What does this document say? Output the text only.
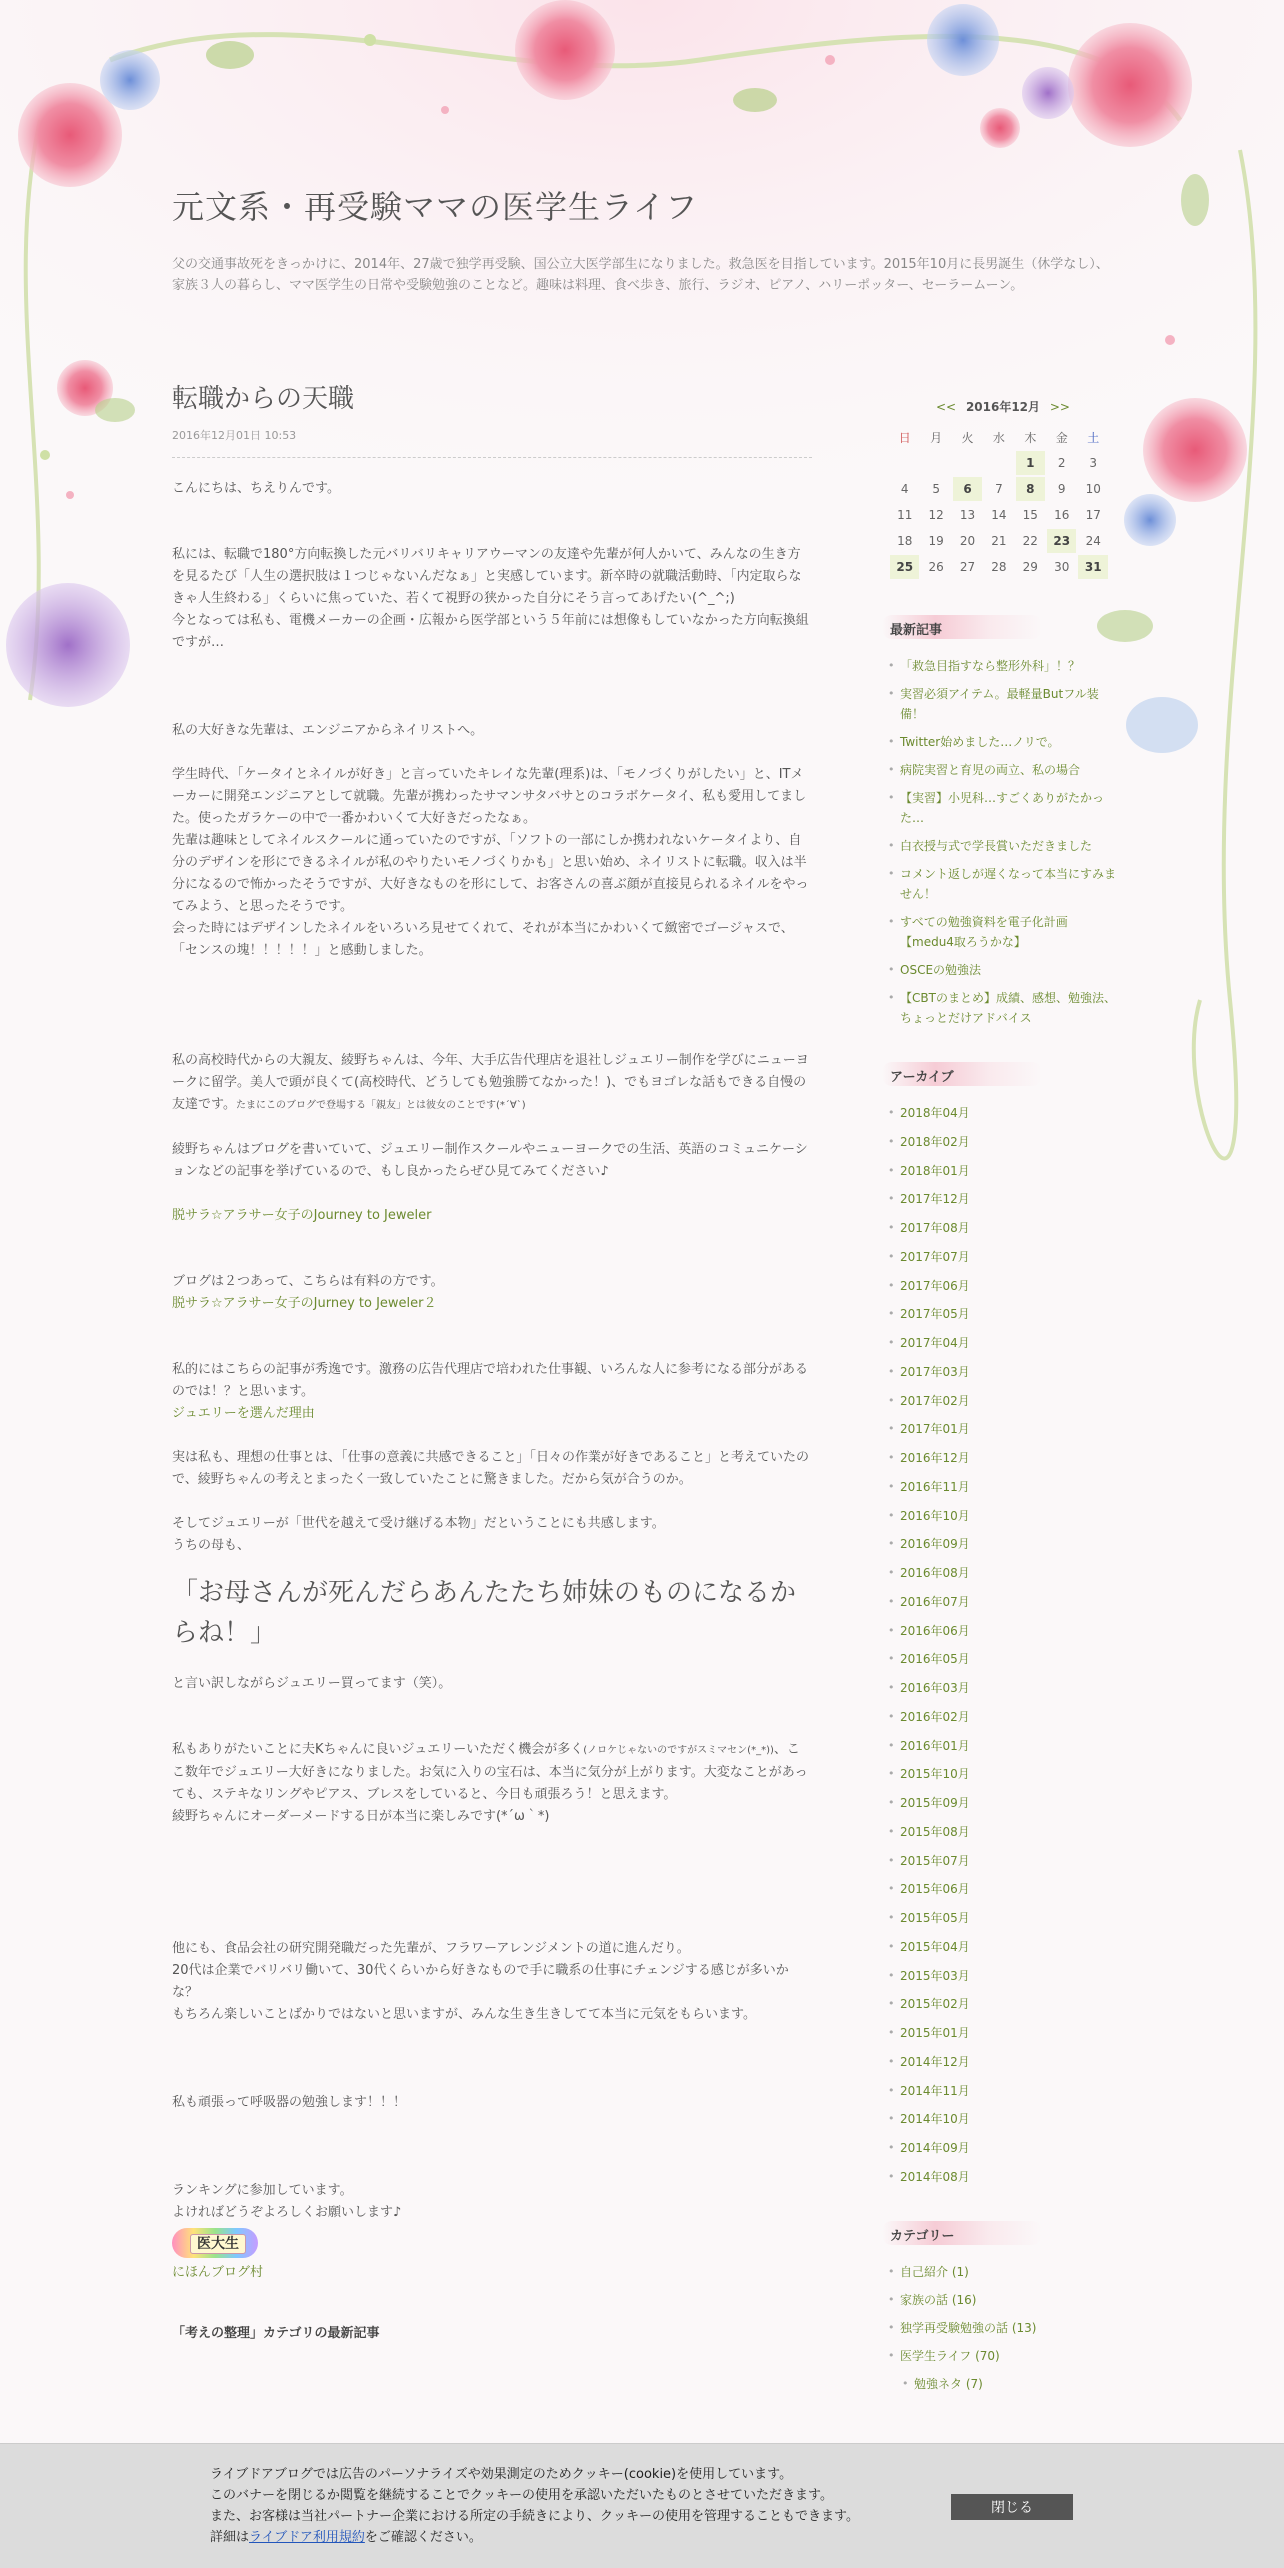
元文系・再受験ママの医学生ライフ
父の交通事故死をきっかけに、2014年、27歳で独学再受験、国公立大医学部生になりました。救急医を目指しています。2015年10月に長男誕生（休学なし）、家族３人の暮らし、ママ医学生の日常や受験勉強のことなど。趣味は料理、食べ歩き、旅行、ラジオ、ピアノ、ハリーポッター、セーラームーン。
転職からの天職
2016年12月01日 10:53

こんにちは、ちえりんです。

私には、転職で180°方向転換した元バリバリキャリアウーマンの友達や先輩が何人かいて、みんなの生き方を見るたび「人生の選択肢は１つじゃないんだなぁ」と実感しています。新卒時の就職活動時、「内定取らなきゃ人生終わる」くらいに焦っていた、若くて視野の狭かった自分にそう言ってあげたい(^_^;)

今となっては私も、電機メーカーの企画・広報から医学部という５年前には想像もしていなかった方向転換組ですが…

私の大好きな先輩は、エンジニアからネイリストへ。

学生時代、「ケータイとネイルが好き」と言っていたキレイな先輩(理系)は、「モノづくりがしたい」と、ITメーカーに開発エンジニアとして就職。先輩が携わったサマンサタバサとのコラボケータイ、私も愛用してました。使ったガラケーの中で一番かわいくて大好きだったなぁ。

先輩は趣味としてネイルスクールに通っていたのですが、「ソフトの一部にしか携われないケータイより、自分のデザインを形にできるネイルが私のやりたいモノづくりかも」と思い始め、ネイリストに転職。収入は半分になるので怖かったそうですが、大好きなものを形にして、お客さんの喜ぶ顔が直接見られるネイルをやってみよう、と思ったそうです。

会った時にはデザインしたネイルをいろいろ見せてくれて、それが本当にかわいくて緻密でゴージャスで、「センスの塊！！！！！」と感動しました。

私の高校時代からの大親友、綾野ちゃんは、今年、大手広告代理店を退社しジュエリー制作を学びにニューヨークに留学。美人で頭が良くて(高校時代、どうしても勉強勝てなかった！)、でもヨゴレな話もできる自慢の友達です。たまにこのブログで登場する「親友」とは彼女のことです(*´∀`)

綾野ちゃんはブログを書いていて、ジュエリー制作スクールやニューヨークでの生活、英語のコミュニケーションなどの記事を挙げているので、もし良かったらぜひ見てみてください♪

脱サラ☆アラサー女子のJourney to Jeweler

ブログは２つあって、こちらは有料の方です。

脱サラ☆アラサー女子のJurney to Jeweler２

私的にはこちらの記事が秀逸です。激務の広告代理店で培われた仕事観、いろんな人に参考になる部分があるのでは！？と思います。

ジュエリーを選んだ理由

実は私も、理想の仕事とは、「仕事の意義に共感できること」「日々の作業が好きであること」と考えていたので、綾野ちゃんの考えとまったく一致していたことに驚きました。だから気が合うのか。

そしてジュエリーが「世代を越えて受け継げる本物」だということにも共感します。

うちの母も、

「お母さんが死んだらあんたたち姉妹のものになるからね！」

と言い訳しながらジュエリー買ってます（笑）。

私もありがたいことに夫Kちゃんに良いジュエリーいただく機会が多く(ノロケじゃないのですがスミマセン(*_*))、ここ数年でジュエリー大好きになりました。お気に入りの宝石は、本当に気分が上がります。大変なことがあっても、ステキなリングやピアス、ブレスをしていると、今日も頑張ろう！と思えます。

綾野ちゃんにオーダーメードする日が本当に楽しみです(*´ω｀*)

他にも、食品会社の研究開発職だった先輩が、フラワーアレンジメントの道に進んだり。

20代は企業でバリバリ働いて、30代くらいから好きなもので手に職系の仕事にチェンジする感じが多いかな？

もちろん楽しいことばかりではないと思いますが、みんな生き生きしてて本当に元気をもらいます。

私も頑張って呼吸器の勉強します！！！

ランキングに参加しています。

よければどうぞよろしくお願いします♪

医大生

にほんブログ村

「考えの整理」カテゴリの最新記事
<< 2016年12月 >>
日	月	火	水	木	金	土
				1	2	3
4	5	6	7	8	9	10
11	12	13	14	15	16	17
18	19	20	21	22	23	24
25	26	27	28	29	30	31
最新記事
• 「救急目指すなら整形外科」！？
• 実習必須アイテム。最軽量Butフル装備！
• Twitter始めました…ノリで。
• 病院実習と育児の両立、私の場合
• 【実習】小児科…すごくありがたかった…
• 白衣授与式で学長賞いただきました
• コメント返しが遅くなって本当にすみません！
• すべての勉強資料を電子化計画【medu4取ろうかな】
• OSCEの勉強法
• 【CBTのまとめ】成績、感想、勉強法、ちょっとだけアドバイス
アーカイブ
• 2018年04月
• 2018年02月
• 2018年01月
• 2017年12月
• 2017年08月
• 2017年07月
• 2017年06月
• 2017年05月
• 2017年04月
• 2017年03月
• 2017年02月
• 2017年01月
• 2016年12月
• 2016年11月
• 2016年10月
• 2016年09月
• 2016年08月
• 2016年07月
• 2016年06月
• 2016年05月
• 2016年03月
• 2016年02月
• 2016年01月
• 2015年10月
• 2015年09月
• 2015年08月
• 2015年07月
• 2015年06月
• 2015年05月
• 2015年04月
• 2015年03月
• 2015年02月
• 2015年01月
• 2014年12月
• 2014年11月
• 2014年10月
• 2014年09月
• 2014年08月
カテゴリー
• 自己紹介 (1)
• 家族の話 (16)
• 独学再受験勉強の話 (13)
• 医学生ライフ (70)
• 勉強ネタ (7)
ライブドアブログでは広告のパーソナライズや効果測定のためクッキー(cookie)を使用しています。
このバナーを閉じるか閲覧を継続することでクッキーの使用を承認いただいたものとさせていただきます。
また、お客様は当社パートナー企業における所定の手続きにより、クッキーの使用を管理することもできます。
詳細はライブドア利用規約をご確認ください。
閉じる
